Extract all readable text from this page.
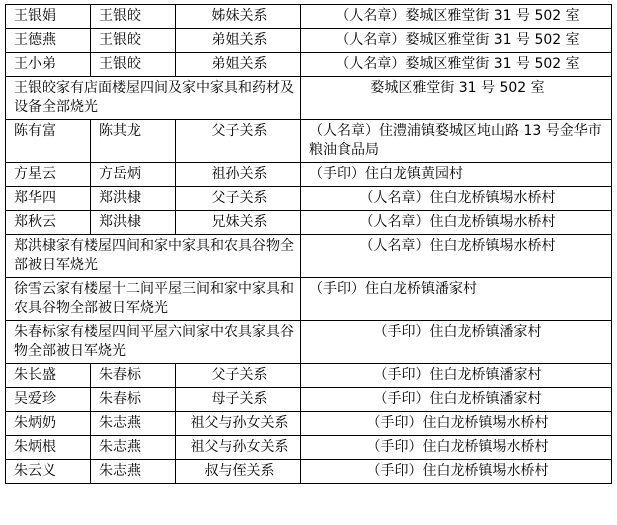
王银娟	王银皎	姊妹关系	（人名章）婺城区雅堂街 31 号 502 室
王德燕	王银皎	弟姐关系	（人名章）婺城区雅堂街 31 号 502 室
王小弟	王银皎	弟姐关系	（人名章）婺城区雅堂街 31 号 502 室
王银皎家有店面楼屋四间及家中家具和药材及设备全部烧光			婺城区雅堂街 31 号 502 室
陈有富	陈其龙	父子关系	（人名章）住澧浦镇婺城区坉山路 13 号金华市粮油食品局
方星云	方岳炳	祖孙关系	（手印）住白龙镇黄园村
郑华四	郑洪棣	父子关系	（人名章）住白龙桥镇埸水桥村
郑秋云	郑洪棣	兄妹关系	（人名章）住白龙桥镇埸水桥村
郑洪棣家有楼屋四间和家中家具和农具谷物全部被日军烧光			（人名章）住白龙桥镇埸水桥村
徐雪云家有楼屋十二间平屋三间和家中家具和农具谷物全部被日军烧光			（手印）住白龙桥镇潘家村
朱春标家有楼屋四间平屋六间家中农具家具谷物全部被日军烧光			（手印）住白龙桥镇潘家村
朱长盛	朱春标	父子关系	（手印）住白龙桥镇潘家村
吴爱珍	朱春标	母子关系	（手印）住白龙桥镇潘家村
朱炳奶	朱志燕	祖父与孙女关系	（手印）住白龙桥镇埸水桥村
朱炳根	朱志燕	祖父与孙女关系	（手印）住白龙桥镇埸水桥村
朱云义	朱志燕	叔与侄关系	（手印）住白龙桥镇埸水桥村
